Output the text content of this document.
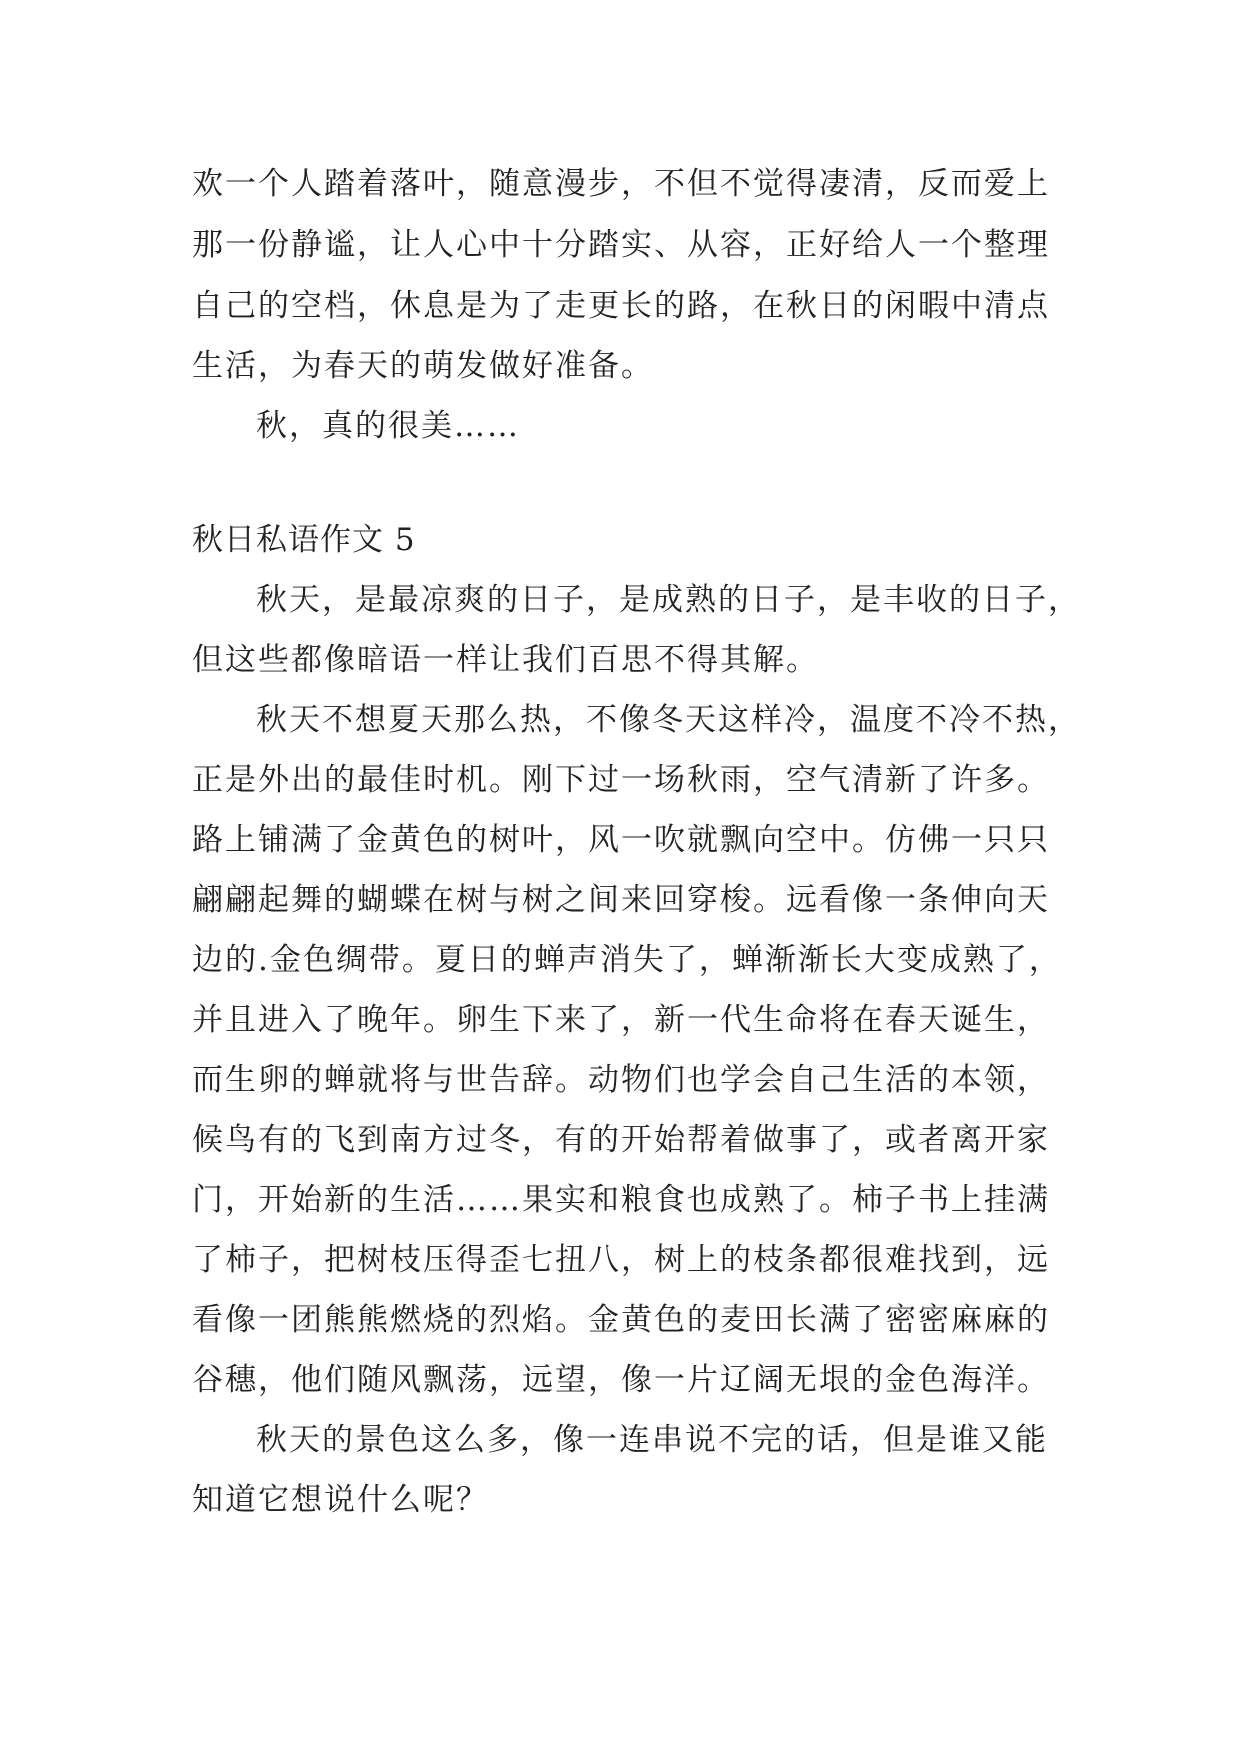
欢一个人踏着落叶，随意漫步，不但不觉得凄清，反而爱上
那一份静谧，让人心中十分踏实、从容，正好给人一个整理
自己的空档，休息是为了走更长的路，在秋日的闲暇中清点
生活，为春天的萌发做好准备。
秋，真的很美……
秋日私语作文 5
秋天，是最凉爽的日子，是成熟的日子，是丰收的日子，
但这些都像暗语一样让我们百思不得其解。
秋天不想夏天那么热，不像冬天这样冷，温度不冷不热，
正是外出的最佳时机。刚下过一场秋雨，空气清新了许多。
路上铺满了金黄色的树叶，风一吹就飘向空中。仿佛一只只
翩翩起舞的蝴蝶在树与树之间来回穿梭。远看像一条伸向天
边的.金色绸带。夏日的蝉声消失了，蝉渐渐长大变成熟了，
并且进入了晚年。卵生下来了，新一代生命将在春天诞生，
而生卵的蝉就将与世告辞。动物们也学会自己生活的本领，
候鸟有的飞到南方过冬，有的开始帮着做事了，或者离开家
门，开始新的生活……果实和粮食也成熟了。柿子书上挂满
了柿子，把树枝压得歪七扭八，树上的枝条都很难找到，远
看像一团熊熊燃烧的烈焰。金黄色的麦田长满了密密麻麻的
谷穗，他们随风飘荡，远望，像一片辽阔无垠的金色海洋。
秋天的景色这么多，像一连串说不完的话，但是谁又能
知道它想说什么呢？
